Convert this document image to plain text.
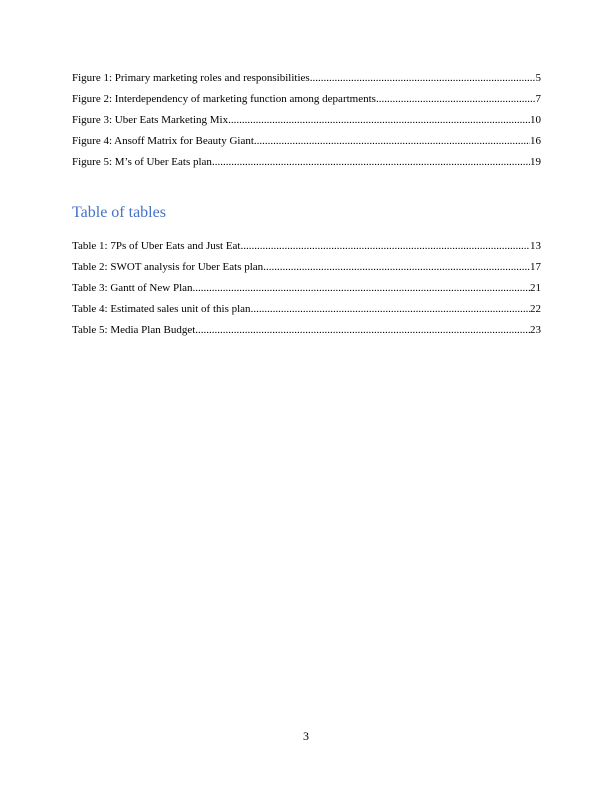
Figure 1: Primary marketing roles and responsibilities .....	5
Figure 2: Interdependency of marketing function among departments .....	7
Figure 3: Uber Eats Marketing Mix .....	10
Figure 4: Ansoff Matrix for Beauty Giant .....	16
Figure 5: M’s of Uber Eats plan .....	19
Table of tables
Table 1: 7Ps of Uber Eats and Just Eat .....	13
Table 2: SWOT analysis for Uber Eats plan .....	17
Table 3: Gantt of New Plan .....	21
Table 4: Estimated sales unit of this plan .....	22
Table 5: Media Plan Budget .....	23
3
